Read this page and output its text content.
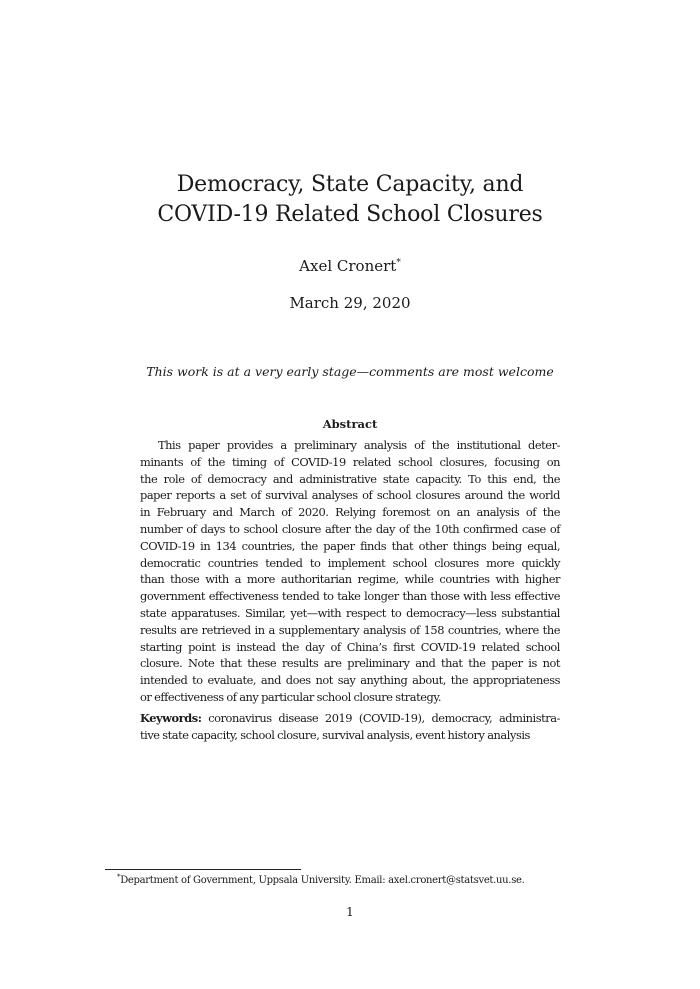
Democracy, State Capacity, and
COVID-19 Related School Closures
Axel Cronert*
March 29, 2020
This work is at a very early stage—comments are most welcome
Abstract
This paper provides a preliminary analysis of the institutional deter-
minants of the timing of COVID-19 related school closures, focusing on
the role of democracy and administrative state capacity. To this end, the
paper reports a set of survival analyses of school closures around the world
in February and March of 2020. Relying foremost on an analysis of the
number of days to school closure after the day of the 10th confirmed case of
COVID-19 in 134 countries, the paper finds that other things being equal,
democratic countries tended to implement school closures more quickly
than those with a more authoritarian regime, while countries with higher
government effectiveness tended to take longer than those with less effective
state apparatuses. Similar, yet—with respect to democracy—less substantial
results are retrieved in a supplementary analysis of 158 countries, where the
starting point is instead the day of China’s first COVID-19 related school
closure. Note that these results are preliminary and that the paper is not
intended to evaluate, and does not say anything about, the appropriateness
or effectiveness of any particular school closure strategy.
Keywords: coronavirus disease 2019 (COVID-19), democracy, administra-
tive state capacity, school closure, survival analysis, event history analysis
*Department of Government, Uppsala University. Email: axel.cronert@statsvet.uu.se.
1
